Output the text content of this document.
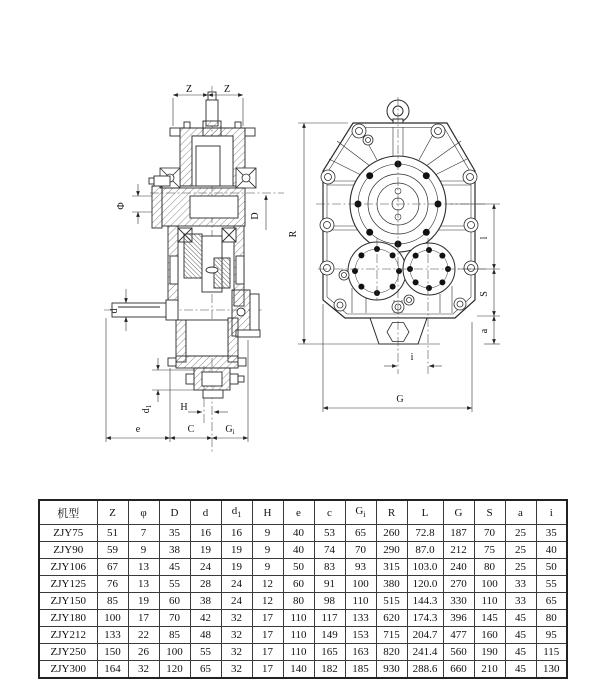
Z	Z
Φ
D
d
$d_1$	H
e	C	$G_i$
R
l
S
a
i
G
机型	Z	φ	D	d	$d_1$	H	e	c	$G_i$	R	L	G	S	a	i
ZJY75	51	7	35	16	16	9	40	53	65	260	72.8	187	70	25	35
ZJY90	59	9	38	19	19	9	40	74	70	290	87.0	212	75	25	40
ZJY106	67	13	45	24	19	9	50	83	93	315	103.0	240	80	25	50
ZJY125	76	13	55	28	24	12	60	91	100	380	120.0	270	100	33	55
ZJY150	85	19	60	38	24	12	80	98	110	515	144.3	330	110	33	65
ZJY180	100	17	70	42	32	17	110	117	133	620	174.3	396	145	45	80
ZJY212	133	22	85	48	32	17	110	149	153	715	204.7	477	160	45	95
ZJY250	150	26	100	55	32	17	110	165	163	820	241.4	560	190	45	115
ZJY300	164	32	120	65	32	17	140	182	185	930	288.6	660	210	45	130
